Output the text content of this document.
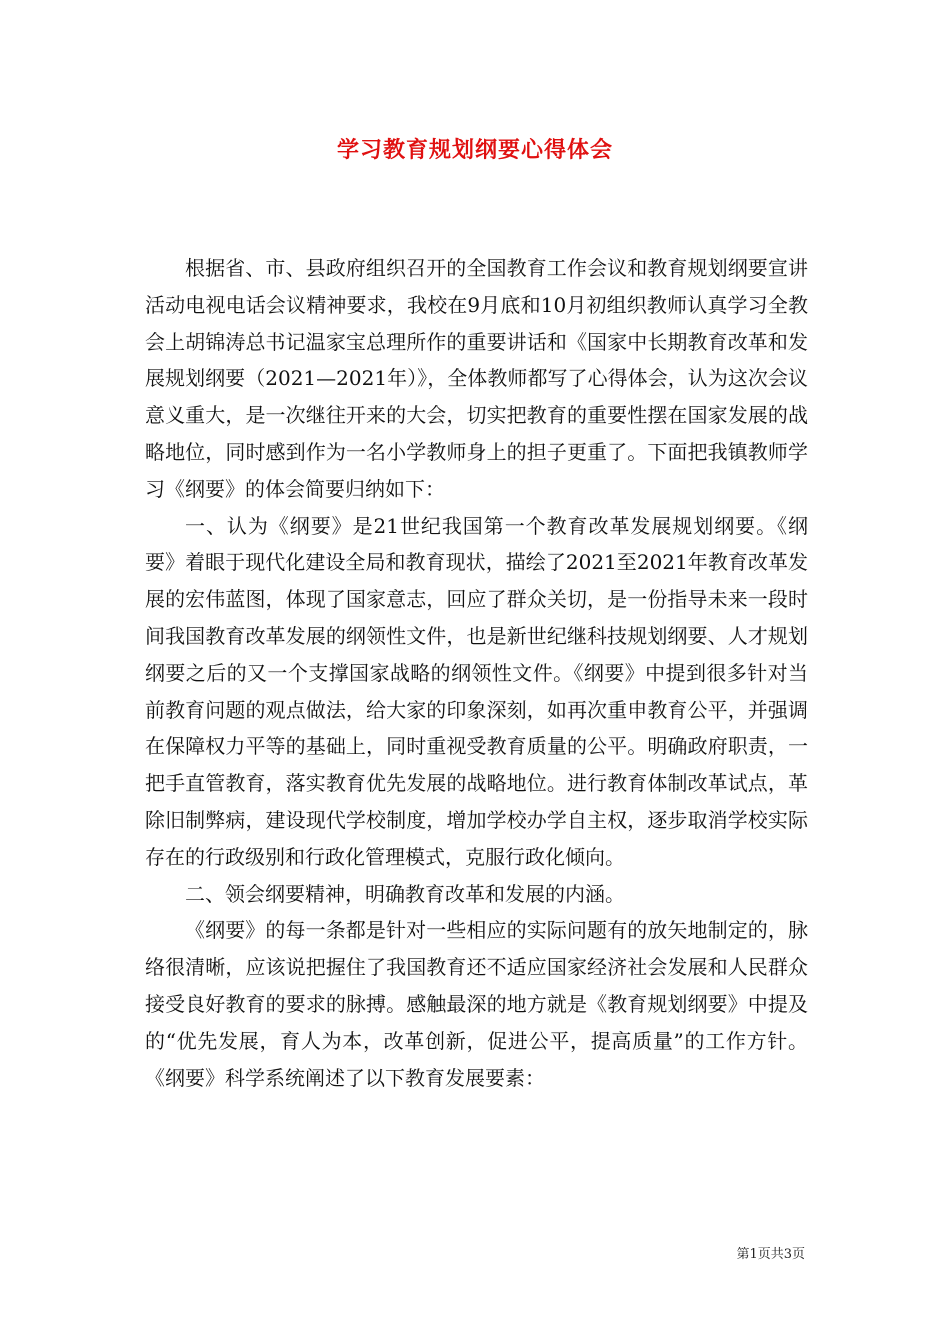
学习教育规划纲要心得体会

根据省、市、县政府组织召开的全国教育工作会议和教育规划纲要宣讲活动电视电话会议精神要求，我校在9月底和10月初组织教师认真学习全教会上胡锦涛总书记温家宝总理所作的重要讲话和《国家中长期教育改革和发展规划纲要（2021—2021年）》，全体教师都写了心得体会，认为这次会议意义重大，是一次继往开来的大会，切实把教育的重要性摆在国家发展的战略地位，同时感到作为一名小学教师身上的担子更重了。下面把我镇教师学习《纲要》的体会简要归纳如下：

一、认为《纲要》是21世纪我国第一个教育改革发展规划纲要。《纲要》着眼于现代化建设全局和教育现状，描绘了2021至2021年教育改革发展的宏伟蓝图，体现了国家意志，回应了群众关切，是一份指导未来一段时间我国教育改革发展的纲领性文件，也是新世纪继科技规划纲要、人才规划纲要之后的又一个支撑国家战略的纲领性文件。《纲要》中提到很多针对当前教育问题的观点做法，给大家的印象深刻，如再次重申教育公平，并强调在保障权力平等的基础上，同时重视受教育质量的公平。明确政府职责，一把手直管教育，落实教育优先发展的战略地位。进行教育体制改革试点，革除旧制弊病，建设现代学校制度，增加学校办学自主权，逐步取消学校实际存在的行政级别和行政化管理模式，克服行政化倾向。

二、领会纲要精神，明确教育改革和发展的内涵。

《纲要》的每一条都是针对一些相应的实际问题有的放矢地制定的，脉络很清晰，应该说把握住了我国教育还不适应国家经济社会发展和人民群众接受良好教育的要求的脉搏。感触最深的地方就是《教育规划纲要》中提及的“优先发展，育人为本，改革创新，促进公平，提高质量”的工作方针。《纲要》科学系统阐述了以下教育发展要素：

第1页共3页
